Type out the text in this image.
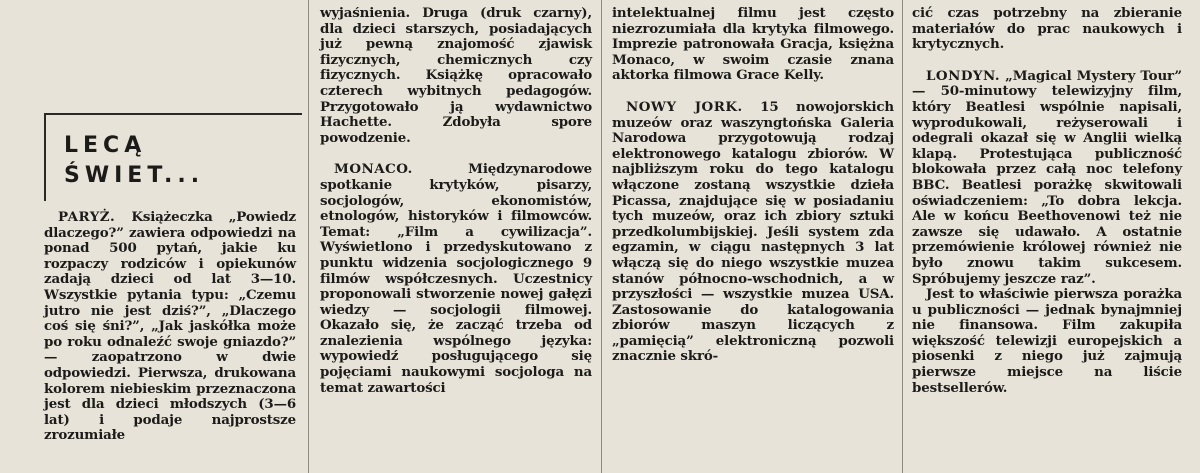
LECĄ
ŚWIET...

PARYŻ. Książeczka „Powiedz dlaczego?” zawiera odpowiedzi na ponad 500 pytań, jakie ku rozpaczy rodziców i opiekunów zadają dzieci od lat 3—10. Wszystkie pytania typu: „Czemu jutro nie jest dziś?”, „Dlaczego coś się śni?”, „Jak jaskółka może po roku odnaleźć swoje gniazdo?” — zaopatrzono w dwie odpowiedzi. Pierwsza, drukowana kolorem niebieskim przeznaczona jest dla dzieci młodszych (3—6 lat) i podaje najprostsze zrozumiałe

wyjaśnienia. Druga (druk czarny), dla dzieci starszych, posiadających już pewną znajomość zjawisk fizycznych, chemicznych czy fizycznych. Książkę opracowało czterech wybitnych pedagogów. Przygotowało ją wydawnictwo Hachette. Zdobyła spore powodzenie.

MONACO. Międzynarodowe spotkanie krytyków, pisarzy, socjologów, ekonomistów, etnologów, historyków i filmowców. Temat: „Film a cywilizacja”. Wyświetlono i przedyskutowano z punktu widzenia socjologicznego 9 filmów współczesnych. Uczestnicy proponowali stworzenie nowej gałęzi wiedzy — socjologii filmowej. Okazało się, że zacząć trzeba od znalezienia wspólnego języka: wypowiedź posługującego się pojęciami naukowymi socjologa na temat zawartości

intelektualnej filmu jest często niezrozumiała dla krytyka filmowego. Imprezie patronowała Gracja, księżna Monaco, w swoim czasie znana aktorka filmowa Grace Kelly.

NOWY JORK. 15 nowojorskich muzeów oraz waszyngtońska Galeria Narodowa przygotowują rodzaj elektronowego katalogu zbiorów. W najbliższym roku do tego katalogu włączone zostaną wszystkie dzieła Picassa, znajdujące się w posiadaniu tych muzeów, oraz ich zbiory sztuki przedkolumbijskiej. Jeśli system zda egzamin, w ciągu następnych 3 lat włączą się do niego wszystkie muzea stanów północno-wschodnich, a w przyszłości — wszystkie muzea USA. Zastosowanie do katalogowania zbiorów maszyn liczących z „pamięcią” elektroniczną pozwoli znacznie skró-

cić czas potrzebny na zbieranie materiałów do prac naukowych i krytycznych.

LONDYN. „Magical Mystery Tour” — 50-minutowy telewizyjny film, który Beatlesi wspólnie napisali, wyprodukowali, reżyserowali i odegrali okazał się w Anglii wielką klapą. Protestująca publiczność blokowała przez całą noc telefony BBC. Beatlesi porażkę skwitowali oświadczeniem: „To dobra lekcja. Ale w końcu Beethovenowi też nie zawsze się udawało. A ostatnie przemówienie królowej również nie było znowu takim sukcesem. Spróbujemy jeszcze raz”.

Jest to właściwie pierwsza porażka u publiczności — jednak bynajmniej nie finansowa. Film zakupiła większość telewizji europejskich a piosenki z niego już zajmują pierwsze miejsce na liście bestsellerów.
